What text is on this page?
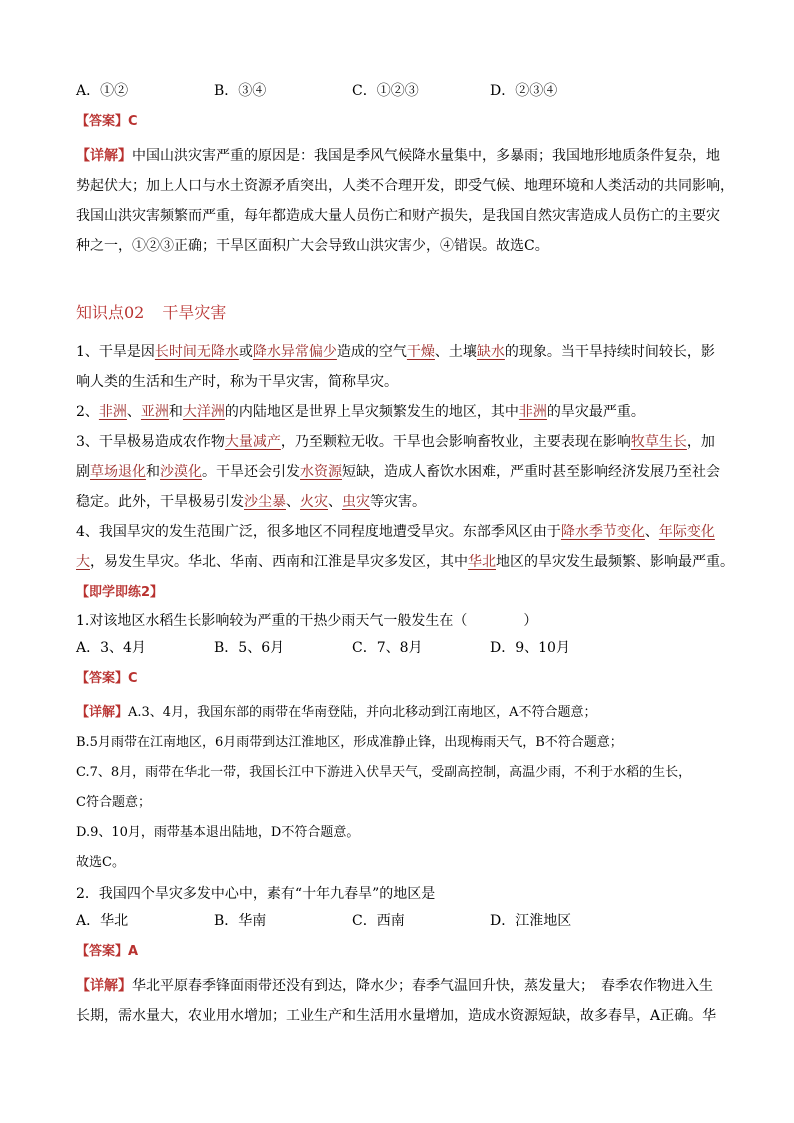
A．①②	B．③④	C．①②③	D．②③④
【答案】C

【详解】中国山洪灾害严重的原因是：我国是季风气候降水量集中，多暴雨；我国地形地质条件复杂，地

势起伏大；加上人口与水土资源矛盾突出，人类不合理开发，即受气候、地理环境和人类活动的共同影响，

我国山洪灾害频繁而严重，每年都造成大量人员伤亡和财产损失，是我国自然灾害造成人员伤亡的主要灾

种之一，①②③正确；干旱区面积广大会导致山洪灾害少，④错误。故选C。

知识点02 干旱灾害

1、干旱是因长时间无降水或降水异常偏少造成的空气干燥、土壤缺水的现象。当干旱持续时间较长，影

响人类的生活和生产时，称为干旱灾害，简称旱灾。

2、非洲、亚洲和大洋洲的内陆地区是世界上旱灾频繁发生的地区，其中非洲的旱灾最严重。

3、干旱极易造成农作物大量减产，乃至颗粒无收。干旱也会影响畜牧业，主要表现在影响牧草生长，加

剧草场退化和沙漠化。干旱还会引发水资源短缺，造成人畜饮水困难，严重时甚至影响经济发展乃至社会

稳定。此外，干旱极易引发沙尘暴、火灾、虫灾等灾害。

4、我国旱灾的发生范围广泛，很多地区不同程度地遭受旱灾。东部季风区由于降水季节变化、年际变化

大，易发生旱灾。华北、华南、西南和江淮是旱灾多发区，其中华北地区的旱灾发生最频繁、影响最严重。

【即学即练2】

1.对该地区水稻生长影响较为严重的干热少雨天气一般发生在（　　　　）

A．3、4月	B．5、6月	C．7、8月	D．9、10月
【答案】C

【详解】A.3、4月，我国东部的雨带在华南登陆，并向北移动到江南地区，A不符合题意；

B.5月雨带在江南地区，6月雨带到达江淮地区，形成准静止锋，出现梅雨天气，B不符合题意；

C.7、8月，雨带在华北一带，我国长江中下游进入伏旱天气，受副高控制，高温少雨，不利于水稻的生长，

C符合题意；

D.9、10月，雨带基本退出陆地，D不符合题意。

故选C。

2．我国四个旱灾多发中心中，素有“十年九春旱”的地区是

A．华北	B．华南	C．西南	D．江淮地区
【答案】A

【详解】华北平原春季锋面雨带还没有到达，降水少；春季气温回升快，蒸发量大；　春季农作物进入生

长期，需水量大，农业用水增加；工业生产和生活用水量增加，造成水资源短缺，故多春旱，A正确。华
